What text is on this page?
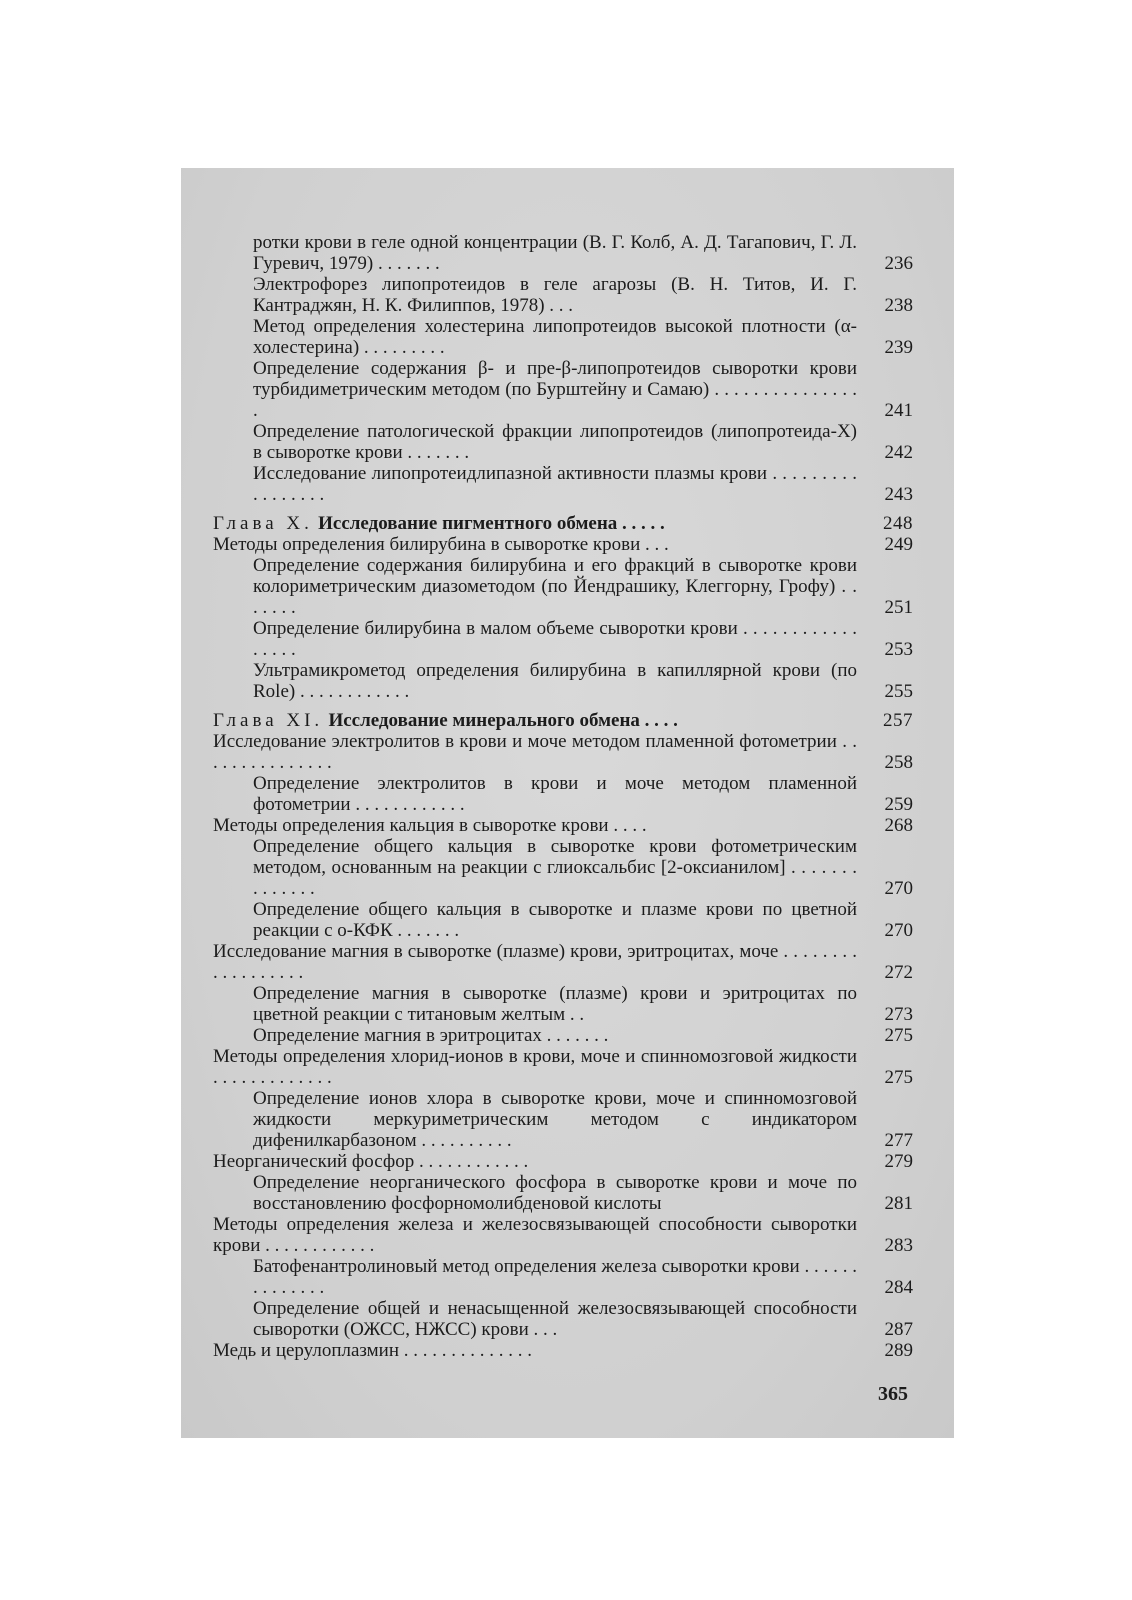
ротки крови в геле одной концентрации (В. Г. Колб, А. Д. Тагапович, Г. Л. Гуревич, 1979) . . . . . . .	236
Электрофорез липопротеидов в геле агарозы (В. Н. Титов, И. Г. Кантраджян, Н. К. Филиппов, 1978) . . .	238
Метод определения холестерина липопротеидов высокой плотности (α-холестерина) . . . . . . . . .	239
Определение содержания β- и пре-β-липопротеидов сыворотки крови турбидиметрическим методом (по Бурштейну и Самаю) . . . . . . . . . . . . . . . .	241
Определение патологической фракции липопротеидов (липопротеида-Х) в сыворотке крови . . . . . . .	242
Исследование липопротеидлипазной активности плазмы крови . . . . . . . . . . . . . . . . .	243
Глава X. Исследование пигментного обмена . . . . .	248
Методы определения билирубина в сыворотке крови . . .	249
Определение содержания билирубина и его фракций в сыворотке крови колориметрическим диазометодом (по Йендрашику, Клеггорну, Грофу) . . . . . . .	251
Определение билирубина в малом объеме сыворотки крови . . . . . . . . . . . . . . . . .	253
Ультрамикрометод определения билирубина в капиллярной крови (по Rоle) . . . . . . . . . . . .	255
Глава XI. Исследование минерального обмена . . . .	257
Исследование электролитов в крови и моче методом пламенной фотометрии . . . . . . . . . . . . . . .	258
Определение электролитов в крови и моче методом пламенной фотометрии . . . . . . . . . . . .	259
Методы определения кальция в сыворотке крови . . . .	268
Определение общего кальция в сыворотке крови фотометрическим методом, основанным на реакции с глиоксальбис [2-оксианилом] . . . . . . . . . . . . . .	270
Определение общего кальция в сыворотке и плазме крови по цветной реакции с о-КФК . . . . . . .	270
Исследование магния в сыворотке (плазме) крови, эритроцитах, моче . . . . . . . . . . . . . . . . . .	272
Определение магния в сыворотке (плазме) крови и эритроцитах по цветной реакции с титановым желтым . .	273
Определение магния в эритроцитах . . . . . . .	275
Методы определения хлорид-ионов в крови, моче и спинномозговой жидкости . . . . . . . . . . . . .	275
Определение ионов хлора в сыворотке крови, моче и спинномозговой жидкости меркуриметрическим методом с индикатором дифенилкарбазоном . . . . . . . . . .	277
Неорганический фосфор . . . . . . . . . . . .	279
Определение неорганического фосфора в сыворотке крови и моче по восстановлению фосфорномолибденовой кислоты	281
Методы определения железа и железосвязывающей способности сыворотки крови . . . . . . . . . . . .	283
Батофенантролиновый метод определения железа сыворотки крови . . . . . . . . . . . . . .	284
Определение общей и ненасыщенной железосвязывающей способности сыворотки (ОЖСС, НЖСС) крови . . .	287
Медь и церулоплазмин . . . . . . . . . . . . . .	289
365
